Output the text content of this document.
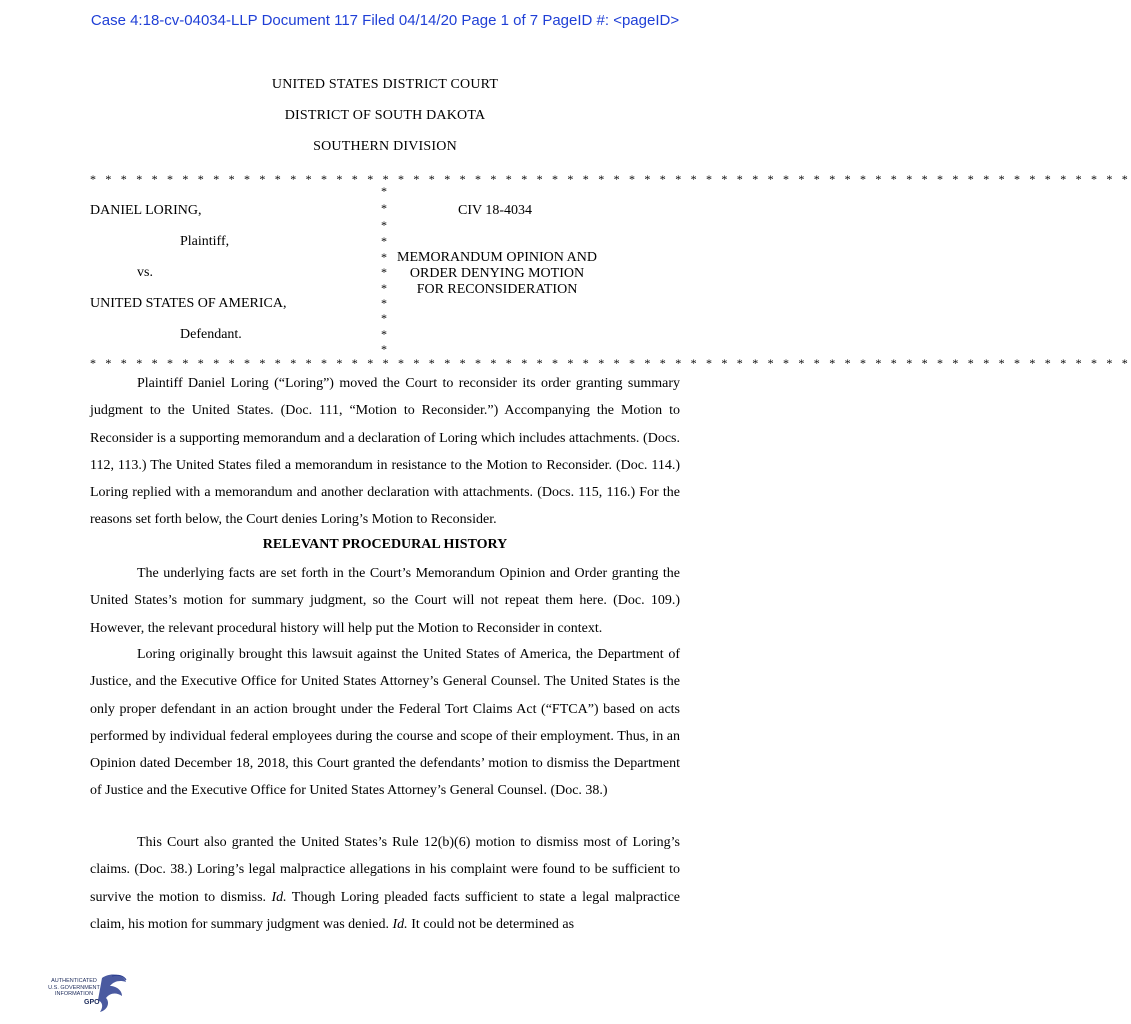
Case 4:18-cv-04034-LLP Document 117 Filed 04/14/20 Page 1 of 7 PageID #: <pageID>
UNITED STATES DISTRICT COURT
DISTRICT OF SOUTH DAKOTA
SOUTHERN DIVISION
* * * * * * * * * * * * * * * * * * * * * * * * * * * * * * * * * * * * * * * * * * * * * * * * * * * * * * * * * * * * * * * * * * * *
*
*
*
*
*
*
*
*
*
*
*
DANIEL LORING,
Plaintiff,
vs.
UNITED STATES OF AMERICA,
Defendant.
CIV 18-4034
MEMORANDUM OPINION AND
ORDER DENYING MOTION
FOR RECONSIDERATION
* * * * * * * * * * * * * * * * * * * * * * * * * * * * * * * * * * * * * * * * * * * * * * * * * * * * * * * * * * * * * * * * * * * *
Plaintiff Daniel Loring (“Loring”) moved the Court to reconsider its order granting summary judgment to the United States. (Doc. 111, “Motion to Reconsider.”) Accompanying the Motion to Reconsider is a supporting memorandum and a declaration of Loring which includes attachments. (Docs. 112, 113.) The United States filed a memorandum in resistance to the Motion to Reconsider. (Doc. 114.) Loring replied with a memorandum and another declaration with attachments. (Docs. 115, 116.) For the reasons set forth below, the Court denies Loring’s Motion to Reconsider.
RELEVANT PROCEDURAL HISTORY
The underlying facts are set forth in the Court’s Memorandum Opinion and Order granting the United States’s motion for summary judgment, so the Court will not repeat them here. (Doc. 109.) However, the relevant procedural history will help put the Motion to Reconsider in context.
Loring originally brought this lawsuit against the United States of America, the Department of Justice, and the Executive Office for United States Attorney’s General Counsel. The United States is the only proper defendant in an action brought under the Federal Tort Claims Act (“FTCA”) based on acts performed by individual federal employees during the course and scope of their employment. Thus, in an Opinion dated December 18, 2018, this Court granted the defendants’ motion to dismiss the Department of Justice and the Executive Office for United States Attorney’s General Counsel. (Doc. 38.)
This Court also granted the United States’s Rule 12(b)(6) motion to dismiss most of Loring’s claims. (Doc. 38.) Loring’s legal malpractice allegations in his complaint were found to be sufficient to survive the motion to dismiss. Id. Though Loring pleaded facts sufficient to state a legal malpractice claim, his motion for summary judgment was denied. Id. It could not be determined as
AUTHENTICATED
U.S. GOVERNMENT
INFORMATION
GPO
